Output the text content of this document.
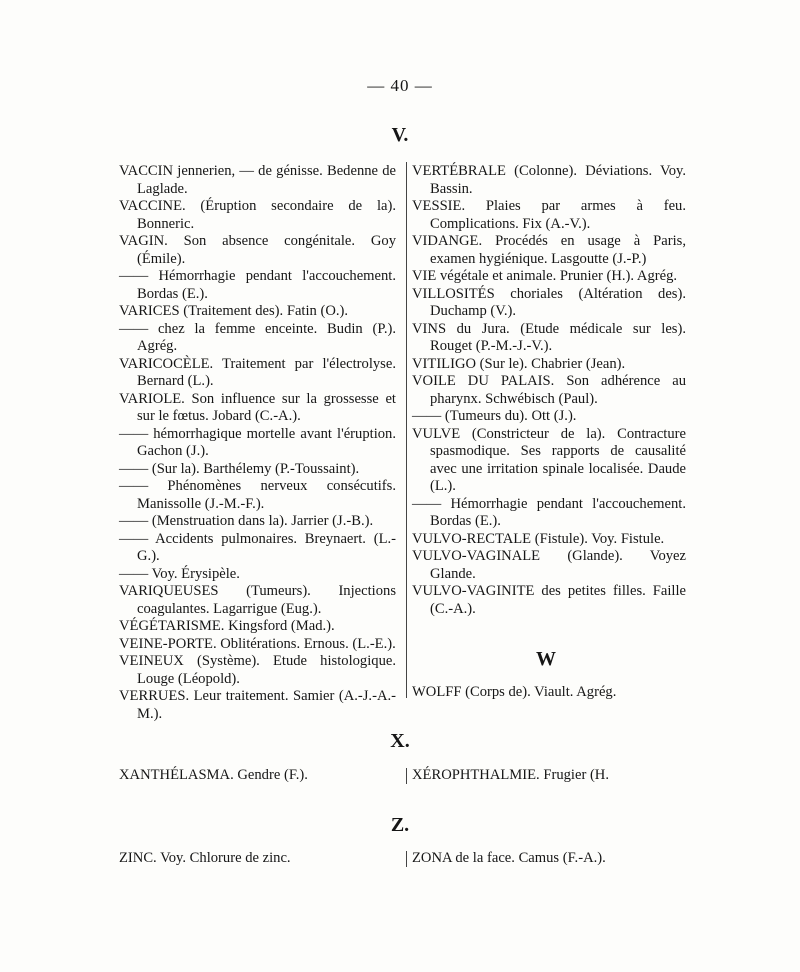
— 40 —
V.

VACCIN jennerien, — de génisse. Bedenne de Laglade.

VACCINE. (Éruption secondaire de la). Bonneric.

VAGIN. Son absence congénitale. Goy (Émile).

—— Hémorrhagie pendant l'accouchement. Bordas (E.).

VARICES (Traitement des). Fatin (O.).

—— chez la femme enceinte. Budin (P.). Agrég.

VARICOCÈLE. Traitement par l'électrolyse. Bernard (L.).

VARIOLE. Son influence sur la grossesse et sur le fœtus. Jobard (C.-A.).

—— hémorrhagique mortelle avant l'éruption. Gachon (J.).

—— (Sur la). Barthélemy (P.-Toussaint).

—— Phénomènes nerveux consécutifs. Manissolle (J.-M.-F.).

—— (Menstruation dans la). Jarrier (J.-B.).

—— Accidents pulmonaires. Breynaert. (L.-G.).

—— Voy. Érysipèle.

VARIQUEUSES (Tumeurs). Injections coagulantes. Lagarrigue (Eug.).

VÉGÉTARISME. Kingsford (Mad.).

VEINE-PORTE. Oblitérations. Ernous. (L.-E.).

VEINEUX (Système). Etude histologique. Louge (Léopold).

VERRUES. Leur traitement. Samier (A.-J.-A.-M.).

VERTÉBRALE (Colonne). Déviations. Voy. Bassin.

VESSIE. Plaies par armes à feu. Complications. Fix (A.-V.).

VIDANGE. Procédés en usage à Paris, examen hygiénique. Lasgoutte (J.-P.)

VIE végétale et animale. Prunier (H.). Agrég.

VILLOSITÉS choriales (Altération des). Duchamp (V.).

VINS du Jura. (Etude médicale sur les). Rouget (P.-M.-J.-V.).

VITILIGO (Sur le). Chabrier (Jean).

VOILE DU PALAIS. Son adhérence au pharynx. Schwébisch (Paul).

—— (Tumeurs du). Ott (J.).

VULVE (Constricteur de la). Contracture spasmodique. Ses rapports de causalité avec une irritation spinale localisée. Daude (L.).

—— Hémorrhagie pendant l'accouchement. Bordas (E.).

VULVO-RECTALE (Fistule). Voy. Fistule.

VULVO-VAGINALE (Glande). Voyez Glande.

VULVO-VAGINITE des petites filles. Faille (C.-A.).

W
WOLFF (Corps de). Viault. Agrég.
X.
XANTHÉLASMA. Gendre (F.).	XÉROPHTHALMIE. Frugier (H.
Z.
ZINC. Voy. Chlorure de zinc.	ZONA de la face. Camus (F.-A.).
